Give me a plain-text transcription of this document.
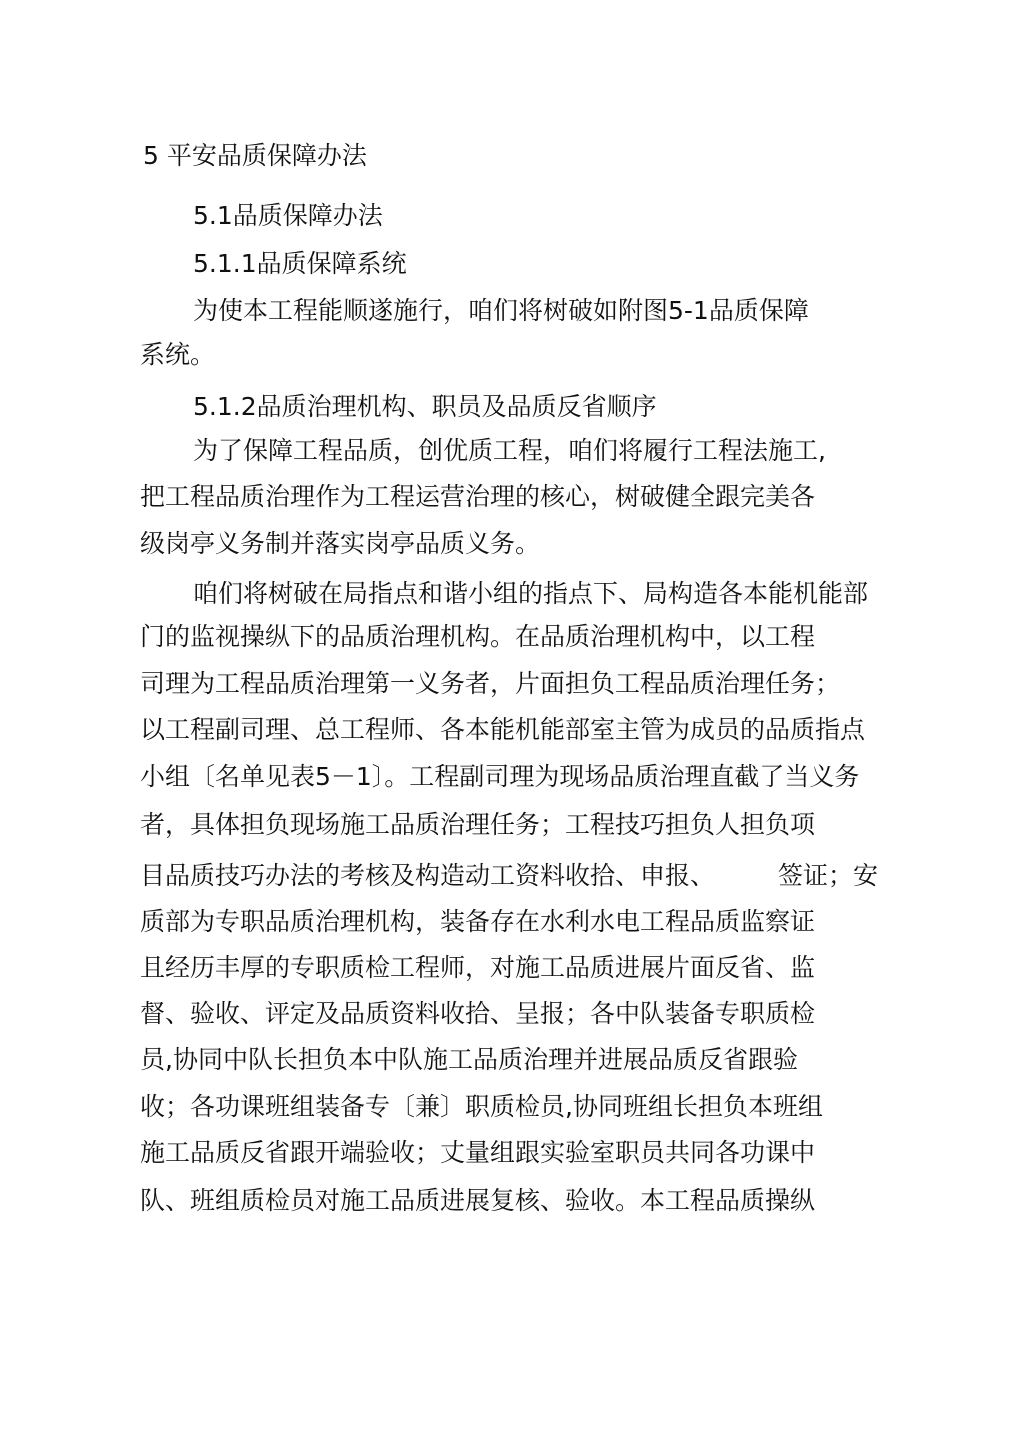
5 平安品质保障办法
5.1品质保障办法
5.1.1品质保障系统
为使本工程能顺遂施行，咱们将树破如附图5-1品质保障
系统。
5.1.2品质治理机构、职员及品质反省顺序
为了保障工程品质，创优质工程，咱们将履行工程法施工,
把工程品质治理作为工程运营治理的核心，树破健全跟完美各
级岗亭义务制并落实岗亭品质义务。
咱们将树破在局指点和谐小组的指点下、局构造各本能机能部
门的监视操纵下的品质治理机构。在品质治理机构中，以工程
司理为工程品质治理第一义务者，片面担负工程品质治理任务；
以工程副司理、总工程师、各本能机能部室主管为成员的品质指点
小组〔名单见表5－1〕。工程副司理为现场品质治理直截了当义务
者，具体担负现场施工品质治理任务；工程技巧担负人担负项
目品质技巧办法的考核及构造动工资料收拾、申报、	签证；安
质部为专职品质治理机构，装备存在水利水电工程品质监察证
且经历丰厚的专职质检工程师，对施工品质进展片面反省、监
督、验收、评定及品质资料收拾、呈报；各中队装备专职质检
员,协同中队长担负本中队施工品质治理并进展品质反省跟验
收；各功课班组装备专〔兼〕职质检员,协同班组长担负本班组
施工品质反省跟开端验收；丈量组跟实验室职员共同各功课中
队、班组质检员对施工品质进展复核、验收。本工程品质操纵
